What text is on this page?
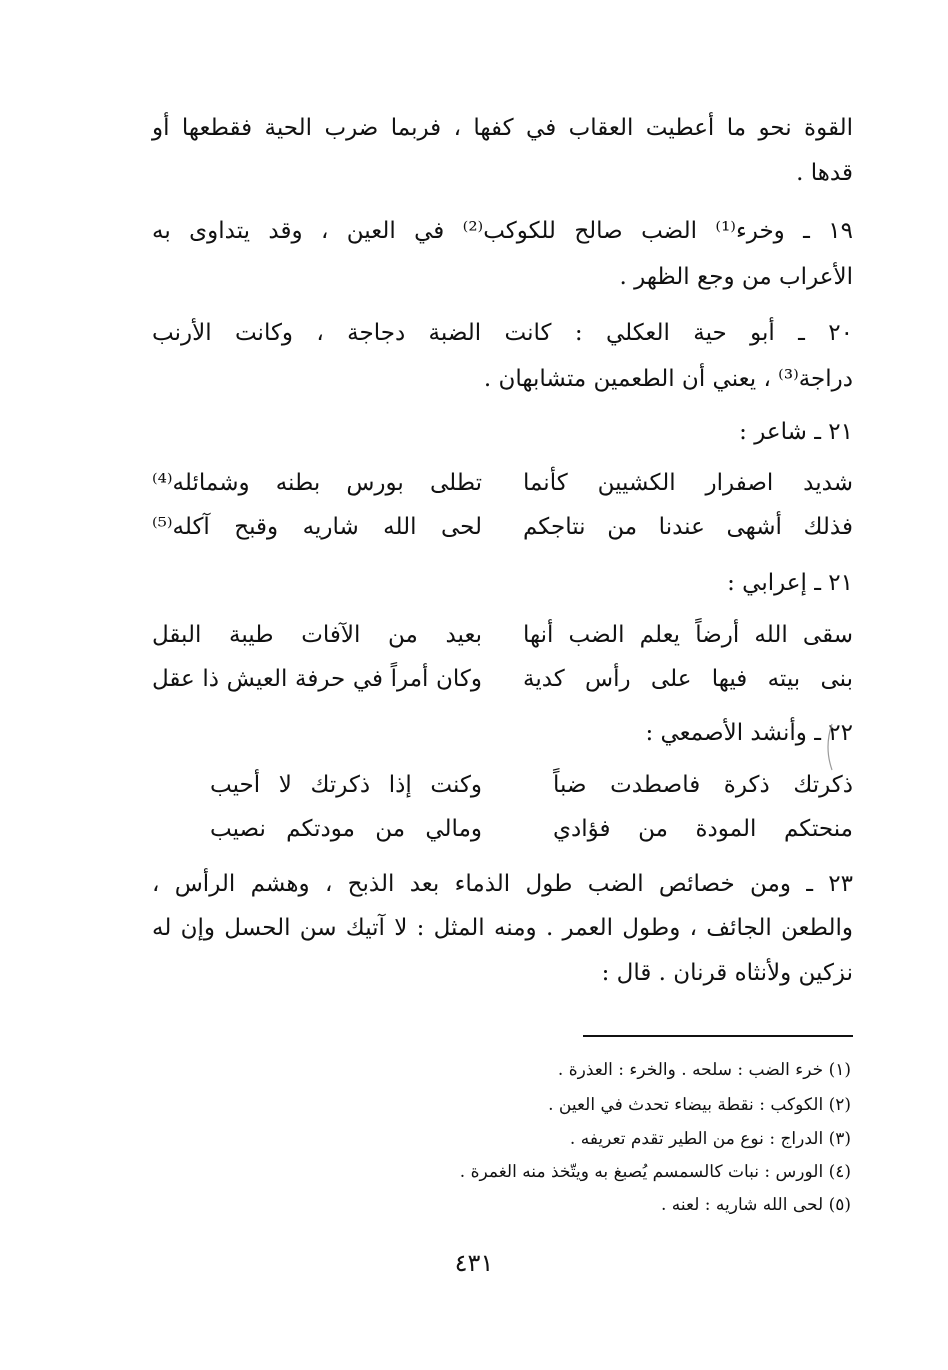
القوة نحو ما أعطيت العقاب في كفها ، فربما ضرب الحية فقطعها أو
قدها .
١٩ ـ وخرء⁽¹⁾ الضب صالح للكوكب⁽²⁾ في العين ، وقد يتداوى به
الأعراب من وجع الظهر .
٢٠ ـ أبو حية العكلي : كانت الضبة دجاجة ، وكانت الأرنب
دراجة⁽³⁾ ، يعني أن الطعمين متشابهان .
٢١ ـ شاعر :
شديد اصفرار الكشيين كأنما
تطلى بورس بطنه وشمائله⁽⁴⁾
فذلك أشهى عندنا من نتاجكم
لحى الله شاريه وقبح آكله⁽⁵⁾
٢١ ـ إعرابي :
سقى الله أرضاً يعلم الضب أنها
بعيد من الآفات طيبة البقل
بنى بيته فيها على رأس كدية
وكان أمراً في حرفة العيش ذا عقل
٢٢ ـ وأنشد الأصمعي :
ذكرتك ذكرة فاصطدت ضباً
وكنت إذا ذكرتك لا أحيب
منحتكم المودة من فؤادي
ومالي من مودتكم نصيب
٢٣ ـ ومن خصائص الضب طول الذماء بعد الذبح ، وهشم الرأس ،
والطعن الجائف ، وطول العمر . ومنه المثل : لا آتيك سن الحسل وإن له
نزكين ولأنثاه قرنان . قال :
(١) خرء الضب : سلحه . والخرء : العذرة .
(٢) الكوكب : نقطة بيضاء تحدث في العين .
(٣) الدراج : نوع من الطير تقدم تعريفه .
(٤) الورس : نبات كالسمسم يُصبغ به ويتّخذ منه الغمرة .
(٥) لحى الله شاريه : لعنه .
٤٣١
